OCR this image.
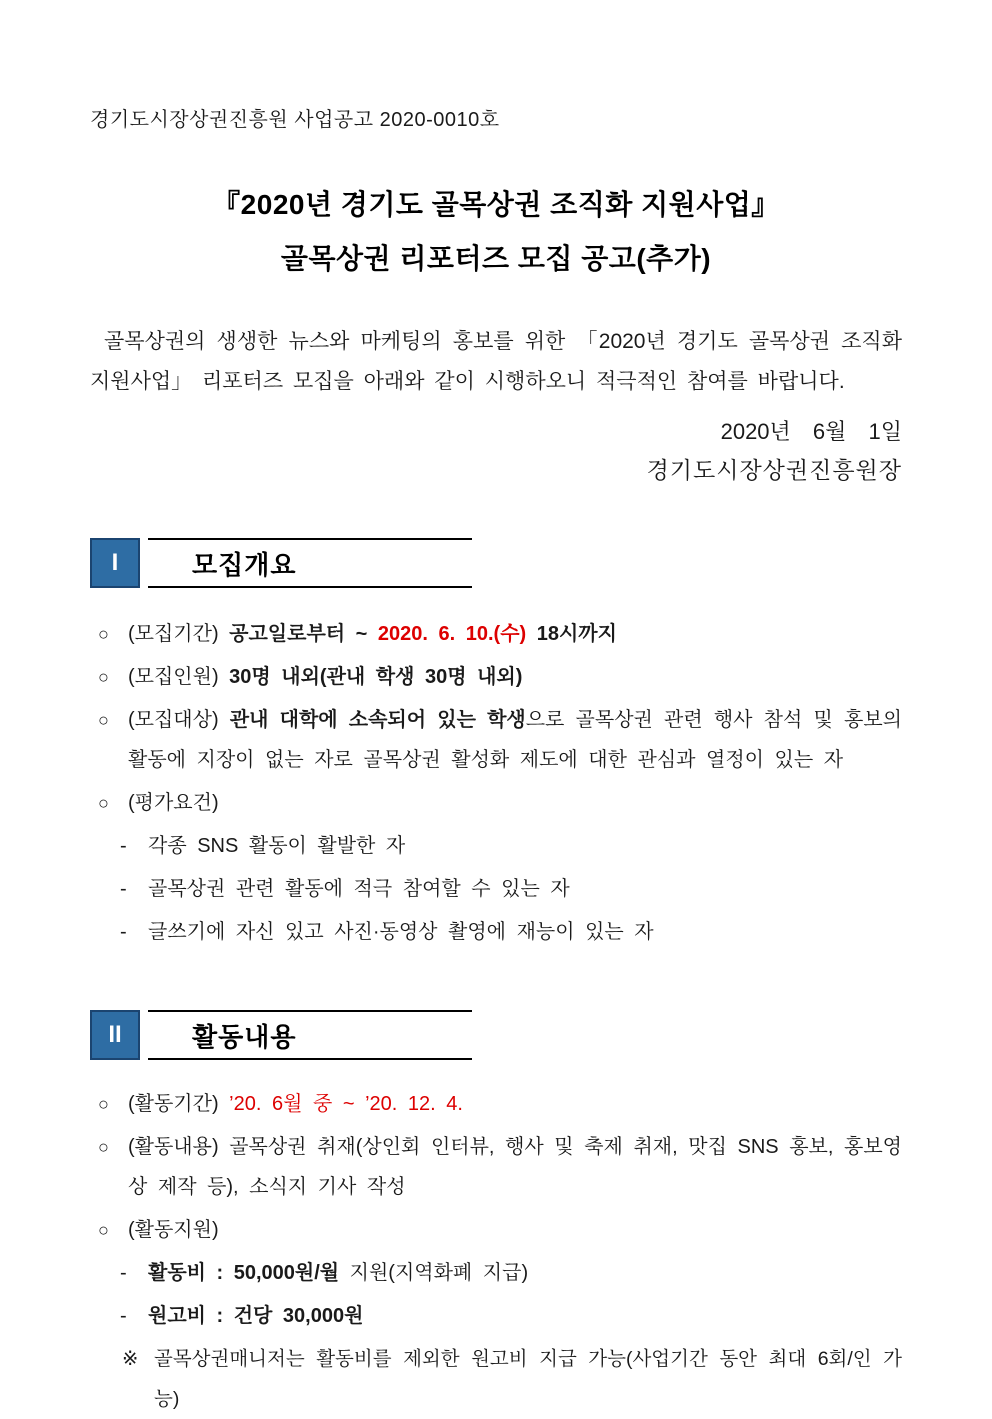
경기도시장상권진흥원 사업공고 2020-0010호
『2020년 경기도 골목상권 조직화 지원사업』
골목상권 리포터즈 모집 공고(추가)

골목상권의 생생한 뉴스와 마케팅의 홍보를 위한 「2020년 경기도 골목상권 조직화 지원사업」 리포터즈 모집을 아래와 같이 시행하오니 적극적인 참여를 바랍니다.

2020년 6월 1일
경기도시장상권진흥원장
I	모집개요
○ (모집기간) 공고일로부터 ~ 2020. 6. 10.(수) 18시까지
○ (모집인원) 30명 내외(관내 학생 30명 내외)
○ (모집대상) 관내 대학에 소속되어 있는 학생으로 골목상권 관련 행사 참석 및 홍보의 활동에 지장이 없는 자로 골목상권 활성화 제도에 대한 관심과 열정이 있는 자
○ (평가요건)
- 각종 SNS 활동이 활발한 자
- 골목상권 관련 활동에 적극 참여할 수 있는 자
- 글쓰기에 자신 있고 사진·동영상 촬영에 재능이 있는 자
II	활동내용
○ (활동기간) ’20. 6월 중 ~ ’20. 12. 4.
○ (활동내용) 골목상권 취재(상인회 인터뷰, 행사 및 축제 취재, 맛집 SNS 홍보, 홍보영상 제작 등), 소식지 기사 작성
○ (활동지원)
- 활동비 : 50,000원/월 지원(지역화폐 지급)
- 원고비 : 건당 30,000원
※ 골목상권매니저는 활동비를 제외한 원고비 지급 가능(사업기간 동안 최대 6회/인 가능)
